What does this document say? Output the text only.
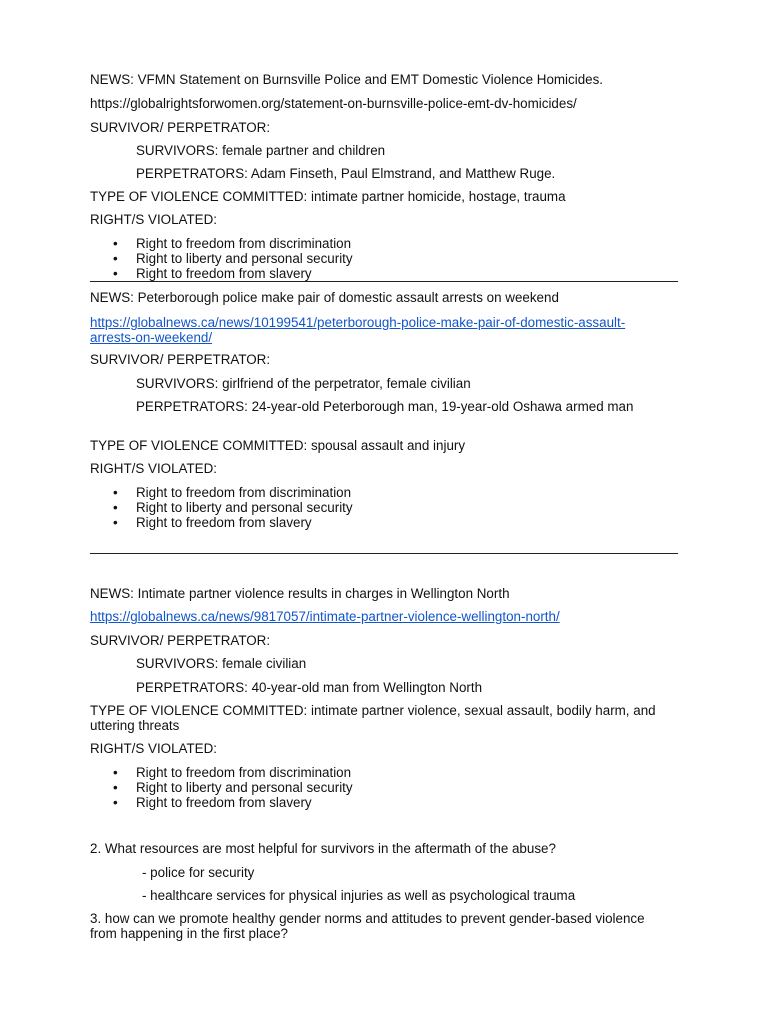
NEWS: VFMN Statement on Burnsville Police and EMT Domestic Violence Homicides.
https://globalrightsforwomen.org/statement-on-burnsville-police-emt-dv-homicides/
SURVIVOR/ PERPETRATOR:
SURVIVORS: female partner and children
PERPETRATORS: Adam Finseth, Paul Elmstrand, and Matthew Ruge.
TYPE OF VIOLENCE COMMITTED: intimate partner homicide, hostage, trauma
RIGHT/S VIOLATED:
• Right to freedom from discrimination
• Right to liberty and personal security
• Right to freedom from slavery
NEWS: Peterborough police make pair of domestic assault arrests on weekend
https://globalnews.ca/news/10199541/peterborough-police-make-pair-of-domestic-assault-arrests-on-weekend/
SURVIVOR/ PERPETRATOR:
SURVIVORS: girlfriend of the perpetrator, female civilian
PERPETRATORS: 24-year-old Peterborough man, 19-year-old Oshawa armed man
TYPE OF VIOLENCE COMMITTED: spousal assault and injury
RIGHT/S VIOLATED:
• Right to freedom from discrimination
• Right to liberty and personal security
• Right to freedom from slavery
NEWS: Intimate partner violence results in charges in Wellington North
https://globalnews.ca/news/9817057/intimate-partner-violence-wellington-north/
SURVIVOR/ PERPETRATOR:
SURVIVORS: female civilian
PERPETRATORS: 40-year-old man from Wellington North
TYPE OF VIOLENCE COMMITTED: intimate partner violence, sexual assault, bodily harm, and uttering threats
RIGHT/S VIOLATED:
• Right to freedom from discrimination
• Right to liberty and personal security
• Right to freedom from slavery
2. What resources are most helpful for survivors in the aftermath of the abuse?
- police for security
- healthcare services for physical injuries as well as psychological trauma
3. how can we promote healthy gender norms and attitudes to prevent gender-based violence from happening in the first place?
